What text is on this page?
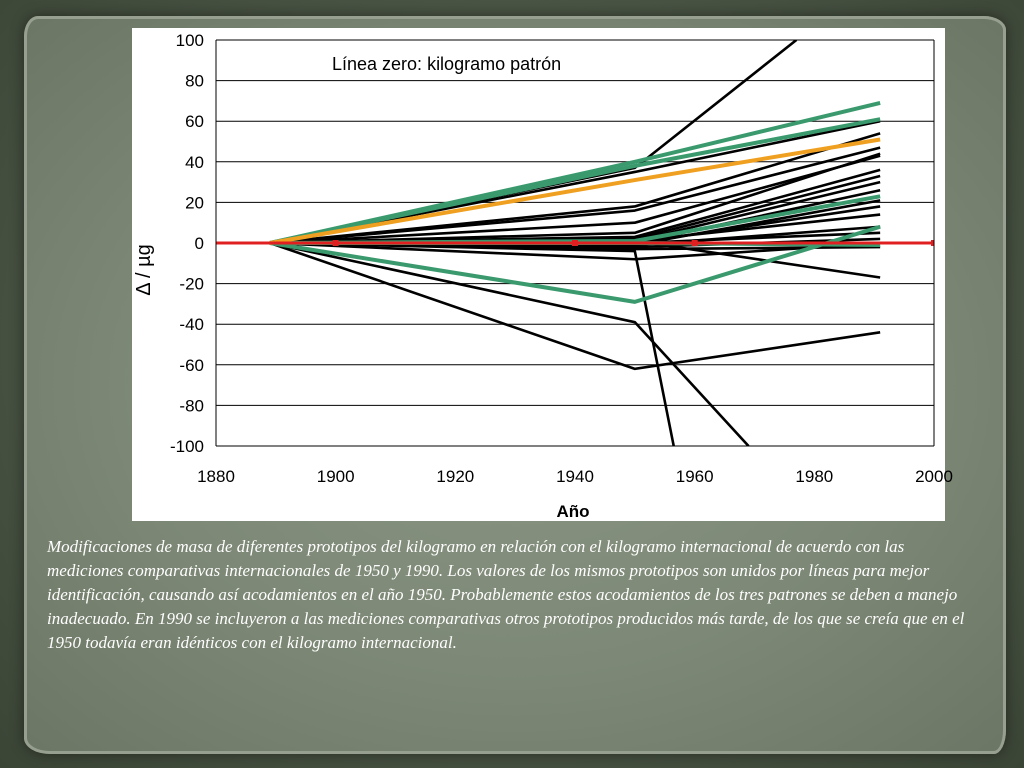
100
80
60
40
20
0
-20
-40
-60
-80
-100
1880	1900	1920	1940	1960	1980	2000
Línea zero: kilogramo patrón
Año
Δ / µg

Modificaciones de masa de diferentes prototipos del kilogramo en relación con el kilogramo internacional de acuerdo con las mediciones comparativas internacionales de 1950 y 1990. Los valores de los mismos prototipos son unidos por líneas para mejor identificación, causando así acodamientos en el año 1950. Probablemente estos acodamientos de los tres patrones se deben a manejo inadecuado. En 1990 se incluyeron a las mediciones comparativas otros prototipos producidos más tarde, de los que se creía que en el 1950 todavía eran idénticos con el kilogramo internacional.
